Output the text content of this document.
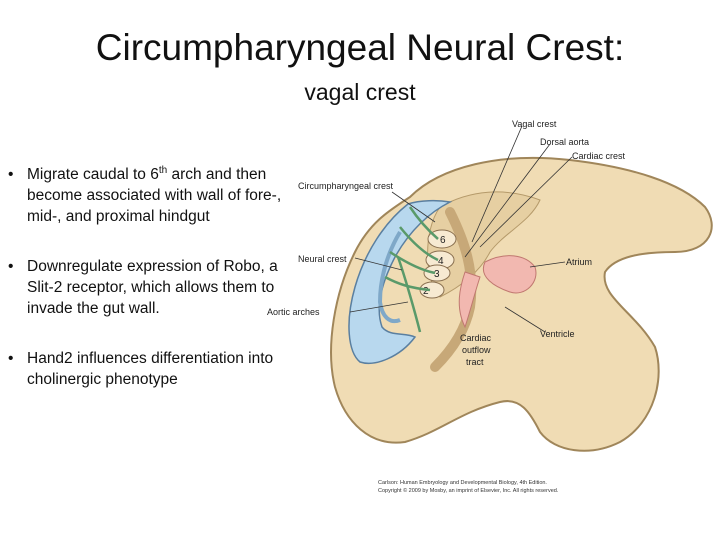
Circumpharyngeal Neural Crest:
vagal crest
• Migrate caudal to 6th arch and then become associated with wall of fore-, mid-, and proximal hindgut
• Downregulate expression of Robo, a Slit-2 receptor, which allows them to invade the gut wall.
• Hand2 influences differentiation into cholinergic phenotype
6
4
3
2
Vagal crest
Dorsal aorta
Cardiac crest
Circumpharyngeal crest
Neural crest
Aortic arches
Atrium
Ventricle
Cardiac
outflow
tract
Carlson: Human Embryology and Developmental Biology, 4th Edition.
Copyright © 2009 by Mosby, an imprint of Elsevier, Inc. All rights reserved.
